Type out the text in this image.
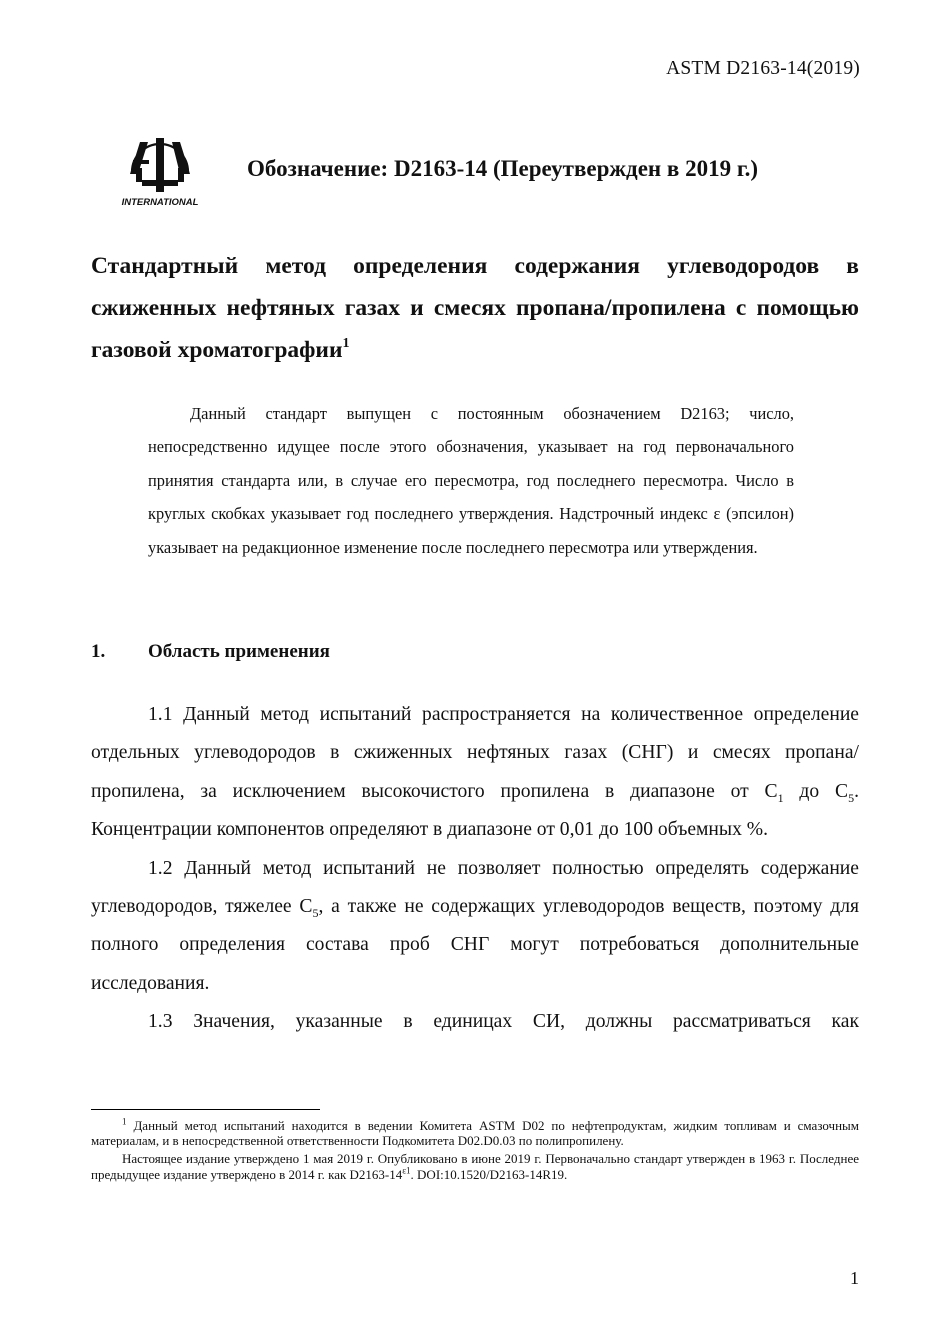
ASTM D2163-14(2019)
INTERNATIONAL
Обозначение: D2163-14 (Переутвержден в 2019 г.)
Стандартный метод определения содержания углеводородов в сжиженных нефтяных газах и смесях пропана/пропилена с помощью газовой хроматографии$^1$

Данный стандарт выпущен с постоянным обозначением D2163; число, непосредственно идущее после этого обозначения, указывает на год первоначального принятия стандарта или, в случае его пересмотра, год последнего пересмотра. Число в круглых скобках указывает год последнего утверждения. Надстрочный индекс ε (эпсилон) указывает на редакционное изменение после последнего пересмотра или утверждения.

1. Область применения

1.1 Данный метод испытаний распространяется на количественное определение отдельных углеводородов в сжиженных нефтяных газах (СНГ) и смесях пропана/пропилена, за исключением высокочистого пропилена в диапазоне от $C_1$ до $C_5$. Концентрации компонентов определяют в диапазоне от 0,01 до 100 объемных %.

1.2 Данный метод испытаний не позволяет полностью определять содержание углеводородов, тяжелее $C_5$, а также не содержащих углеводородов веществ, поэтому для полного определения состава проб СНГ могут потребоваться дополнительные исследования.

1.3 Значения, указанные в единицах СИ, должны рассматриваться как

$^1$ Данный метод испытаний находится в ведении Комитета ASTM D02 по нефтепродуктам, жидким топливам и смазочным материалам, и в непосредственной ответственности Подкомитета D02.D0.03 по полипропилену.

Настоящее издание утверждено 1 мая 2019 г. Опубликовано в июне 2019 г. Первоначально стандарт утвержден в 1963 г. Последнее предыдущее издание утверждено в 2014 г. как $D2163-14^{\varepsilon 1}$. DOI:10.1520/D2163-14R19.

1
